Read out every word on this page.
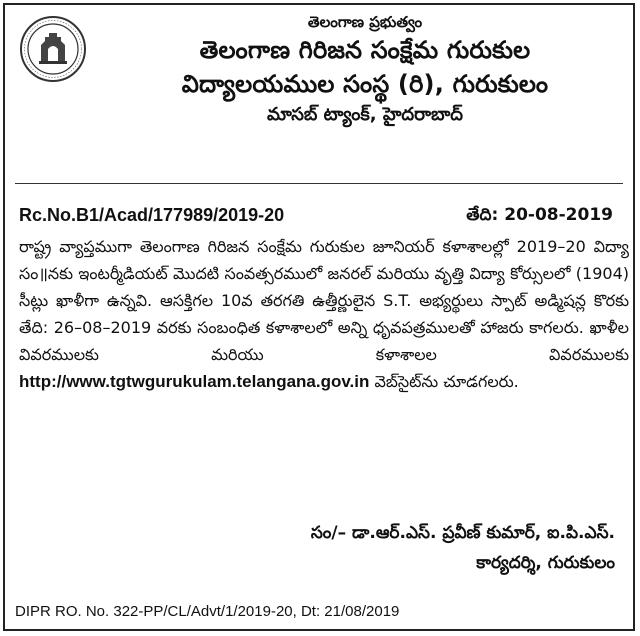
తెలంగాణ ప్రభుత్వం
తెలంగాణ గిరిజన సంక్షేమ గురుకుల
విద్యాలయముల సంస్థ (రి), గురుకులం
మాసబ్ ట్యాంక్, హైదరాబాద్
Rc.No.B1/Acad/177989/2019-20	తేది: 20-08-2019
రాష్ట్ర వ్యాప్తముగా తెలంగాణ గిరిజన సంక్షేమ గురుకుల జూనియర్ కళాశాలల్లో 2019–20 విద్యా సం॥నకు ఇంటర్మీడియట్ మొదటి సంవత్సరములో జనరల్ మరియు వృత్తి విద్యా కోర్సులలో (1904) సీట్లు ఖాళీగా ఉన్నవి. ఆసక్తిగల 10వ తరగతి ఉత్తీర్ణులైన S.T. అభ్యర్థులు స్పాట్ అడ్మిషన్ల కొరకు తేది: 26–08–2019 వరకు సంబంధిత కళాశాలలో అన్ని ధృవపత్రములతో హాజరు కాగలరు. ఖాళీల వివరములకు మరియు కళాశాలల వివరములకు http://www.tgtwgurukulam.telangana.gov.in వెబ్‌సైట్‌ను చూడగలరు.
సం/– డా.ఆర్.ఎస్. ప్రవీణ్ కుమార్, ఐ.పి.ఎస్.
కార్యదర్శి, గురుకులం
DIPR RO. No. 322-PP/CL/Advt/1/2019-20, Dt: 21/08/2019
